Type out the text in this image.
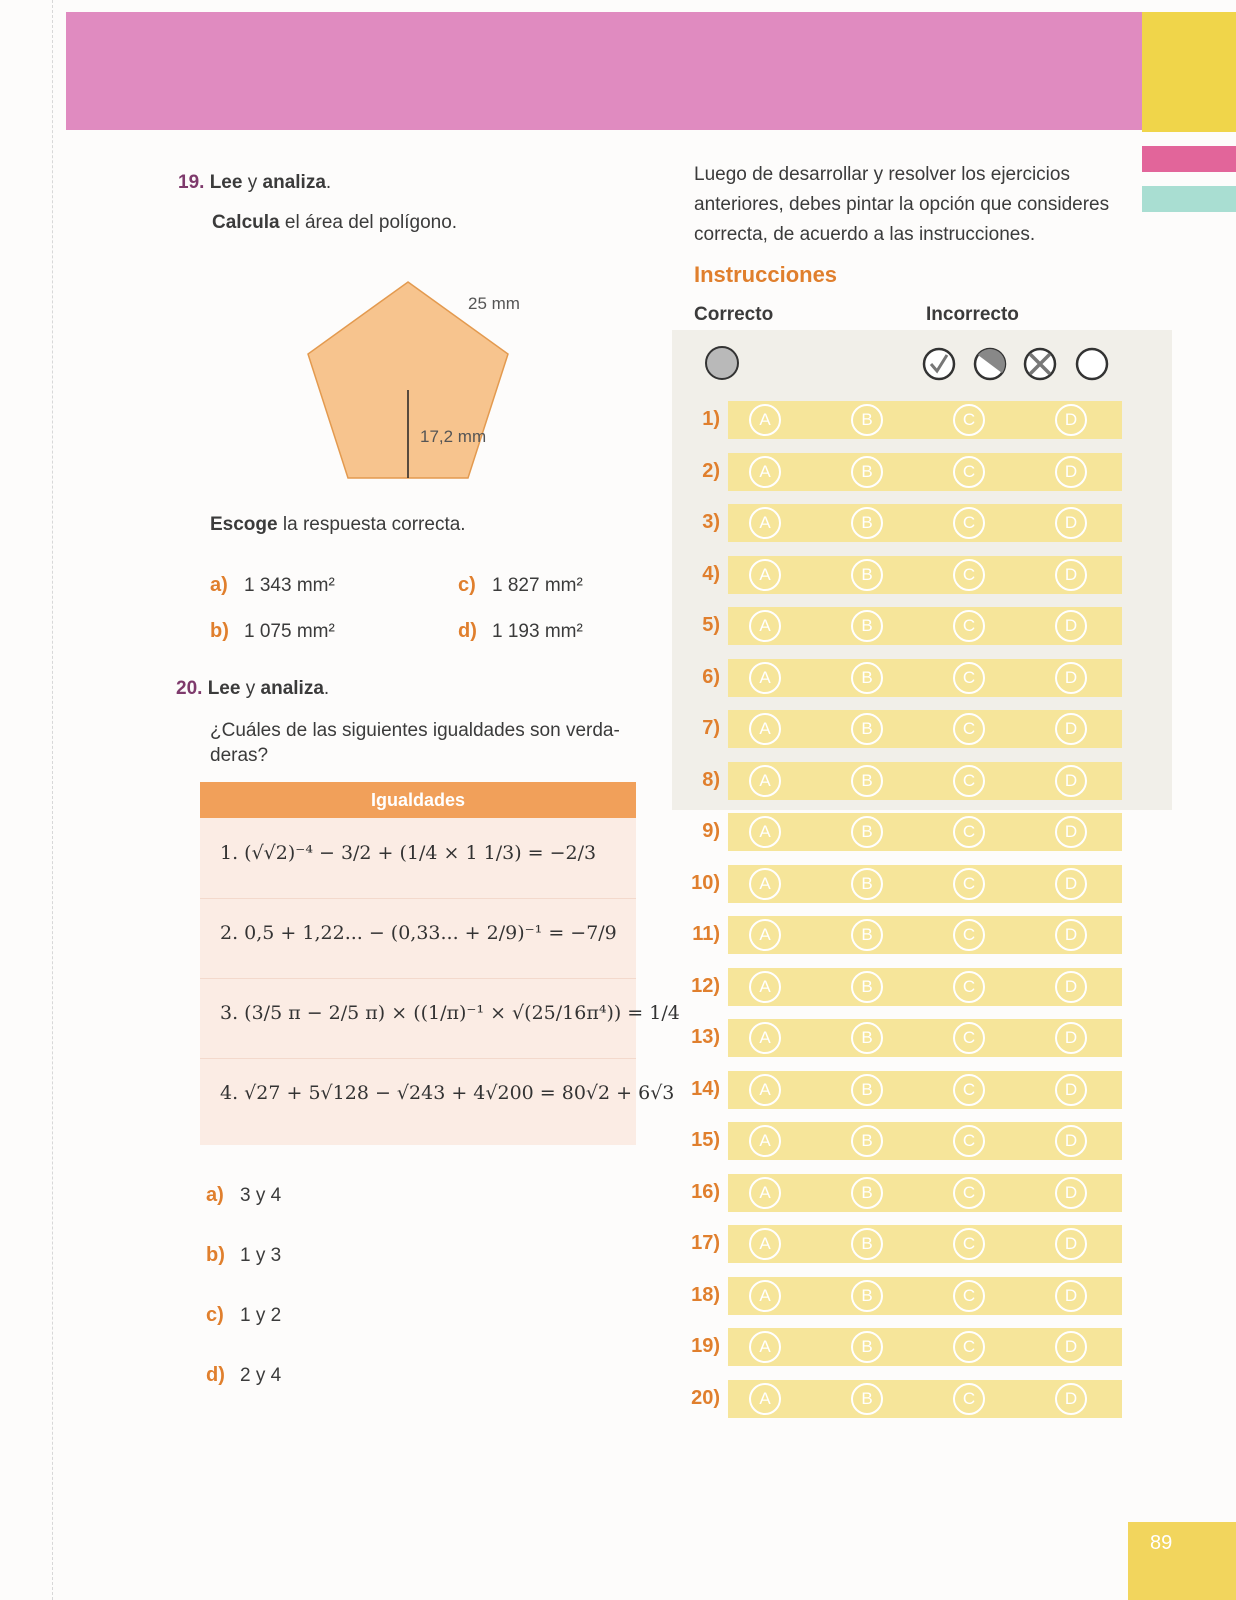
89
19. Lee y analiza.
Calcula el área del polígono.
25 mm
17,2 mm
Escoge la respuesta correcta.
a) 1 343 mm²	c) 1 827 mm²
b) 1 075 mm²	d) 1 193 mm²
20. Lee y analiza.
¿Cuáles de las siguientes igualdades son verda-deras?
Igualdades
1. (√√2)⁻⁴ − 3/2 + (1/4 × 1 1/3) = −2/3
2. 0,5 + 1,22... − (0,33... + 2/9)⁻¹ = −7/9
3. (3/5 π − 2/5 π) × ((1/π)⁻¹ × √(25/16π⁴)) = 1/4
4. √27 + 5√128 − √243 + 4√200 = 80√2 + 6√3
a) 3 y 4
b) 1 y 3
c) 1 y 2
d) 2 y 4
Luego de desarrollar y resolver los ejercicios anteriores, debes pintar la opción que consideres correcta, de acuerdo a las instrucciones.
Instrucciones
Correcto	Incorrecto
1)	A	B	C	D
2)	A	B	C	D
3)	A	B	C	D
4)	A	B	C	D
5)	A	B	C	D
6)	A	B	C	D
7)	A	B	C	D
8)	A	B	C	D
9)	A	B	C	D
10)	A	B	C	D
11)	A	B	C	D
12)	A	B	C	D
13)	A	B	C	D
14)	A	B	C	D
15)	A	B	C	D
16)	A	B	C	D
17)	A	B	C	D
18)	A	B	C	D
19)	A	B	C	D
20)	A	B	C	D
